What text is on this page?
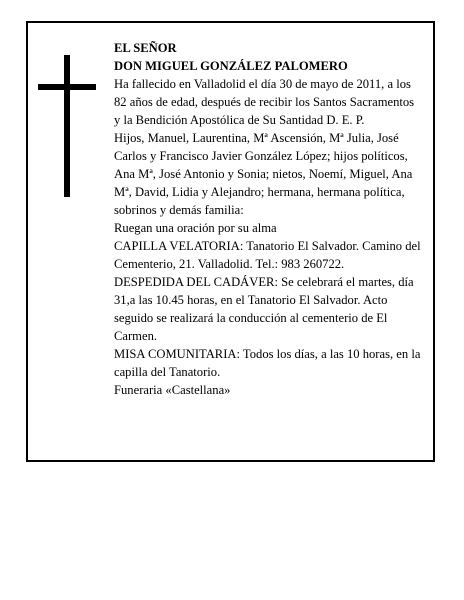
EL SEÑOR

DON MIGUEL GONZÁLEZ PALOMERO

Ha fallecido en Valladolid el día 30 de mayo de 2011, a los 82 años de edad, después de recibir los Santos Sacramentos y la Bendición Apostólica de Su Santidad D. E. P.

Hijos, Manuel, Laurentina, Mª Ascensión, Mª Julia, José Carlos y Francisco Javier González López; hijos políticos, Ana Mª, José Antonio y Sonia; nietos, Noemí, Miguel, Ana Mª, David, Lidia y Alejandro; hermana, hermana política, sobrinos y demás familia:

Ruegan una oración por su alma

CAPILLA VELATORIA: Tanatorio El Salvador. Camino del Cementerio, 21. Valladolid. Tel.: 983 260722.

DESPEDIDA DEL CADÁVER: Se celebrará el martes, día 31,a las 10.45 horas, en el Tanatorio El Salvador. Acto seguido se realizará la conducción al cementerio de El Carmen.

MISA COMUNITARIA: Todos los días, a las 10 horas, en la capilla del Tanatorio.

Funeraria «Castellana»
